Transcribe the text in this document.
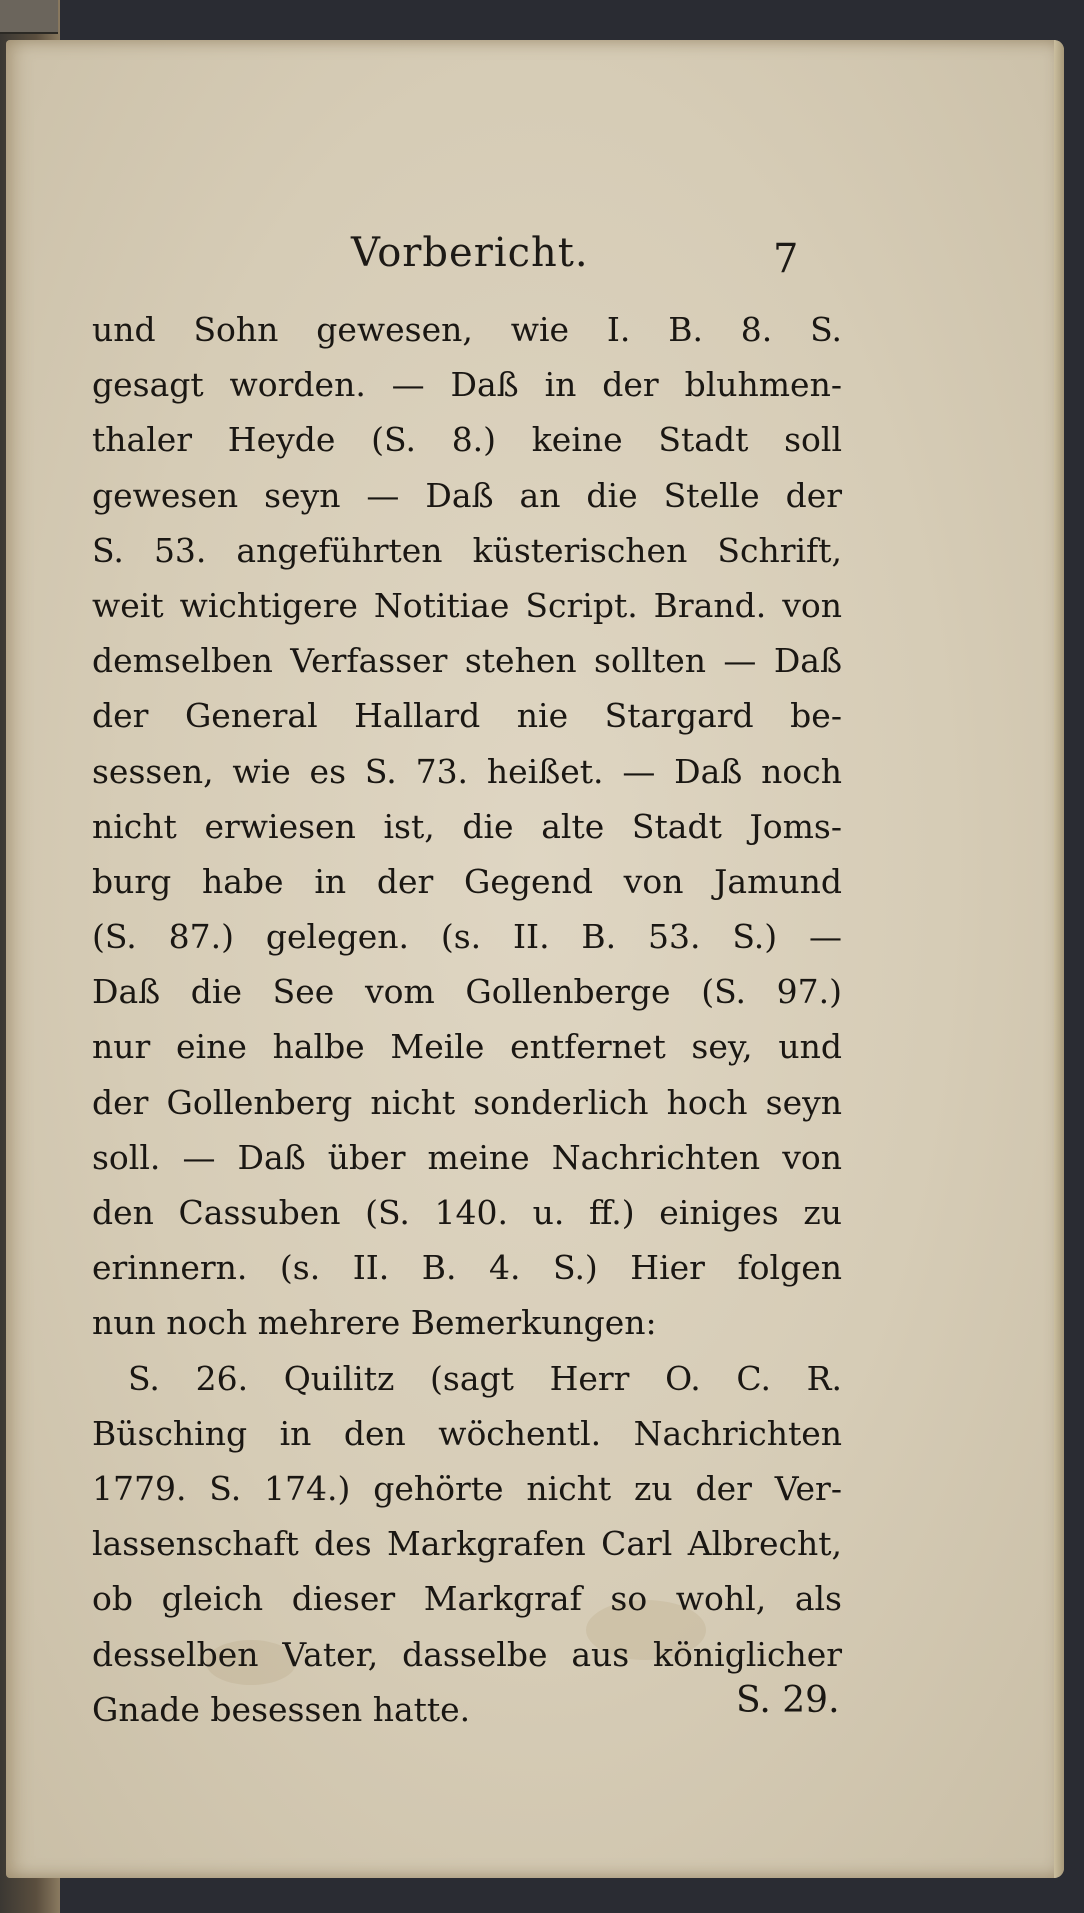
Vorbericht.	7
und Sohn gewesen, wie I. B. 8. S.
gesagt worden. — Daß in der bluhmen-
thaler Heyde (S. 8.) keine Stadt soll
gewesen seyn — Daß an die Stelle der
S. 53. angeführten küsterischen Schrift,
weit wichtigere Notitiae Script. Brand. von
demselben Verfasser stehen sollten — Daß
der General Hallard nie Stargard be-
sessen, wie es S. 73. heißet. — Daß noch
nicht erwiesen ist, die alte Stadt Joms-
burg habe in der Gegend von Jamund
(S. 87.) gelegen. (s. II. B. 53. S.) —
Daß die See vom Gollenberge (S. 97.)
nur eine halbe Meile entfernet sey, und
der Gollenberg nicht sonderlich hoch seyn
soll. — Daß über meine Nachrichten von
den Cassuben (S. 140. u. ff.) einiges zu
erinnern. (s. II. B. 4. S.) Hier folgen
nun noch mehrere Bemerkungen:
S. 26. Quilitz (sagt Herr O. C. R.
Büsching in den wöchentl. Nachrichten
1779. S. 174.) gehörte nicht zu der Ver-
lassenschaft des Markgrafen Carl Albrecht,
ob gleich dieser Markgraf so wohl, als
desselben Vater, dasselbe aus königlicher
Gnade besessen hatte.	S. 29.
